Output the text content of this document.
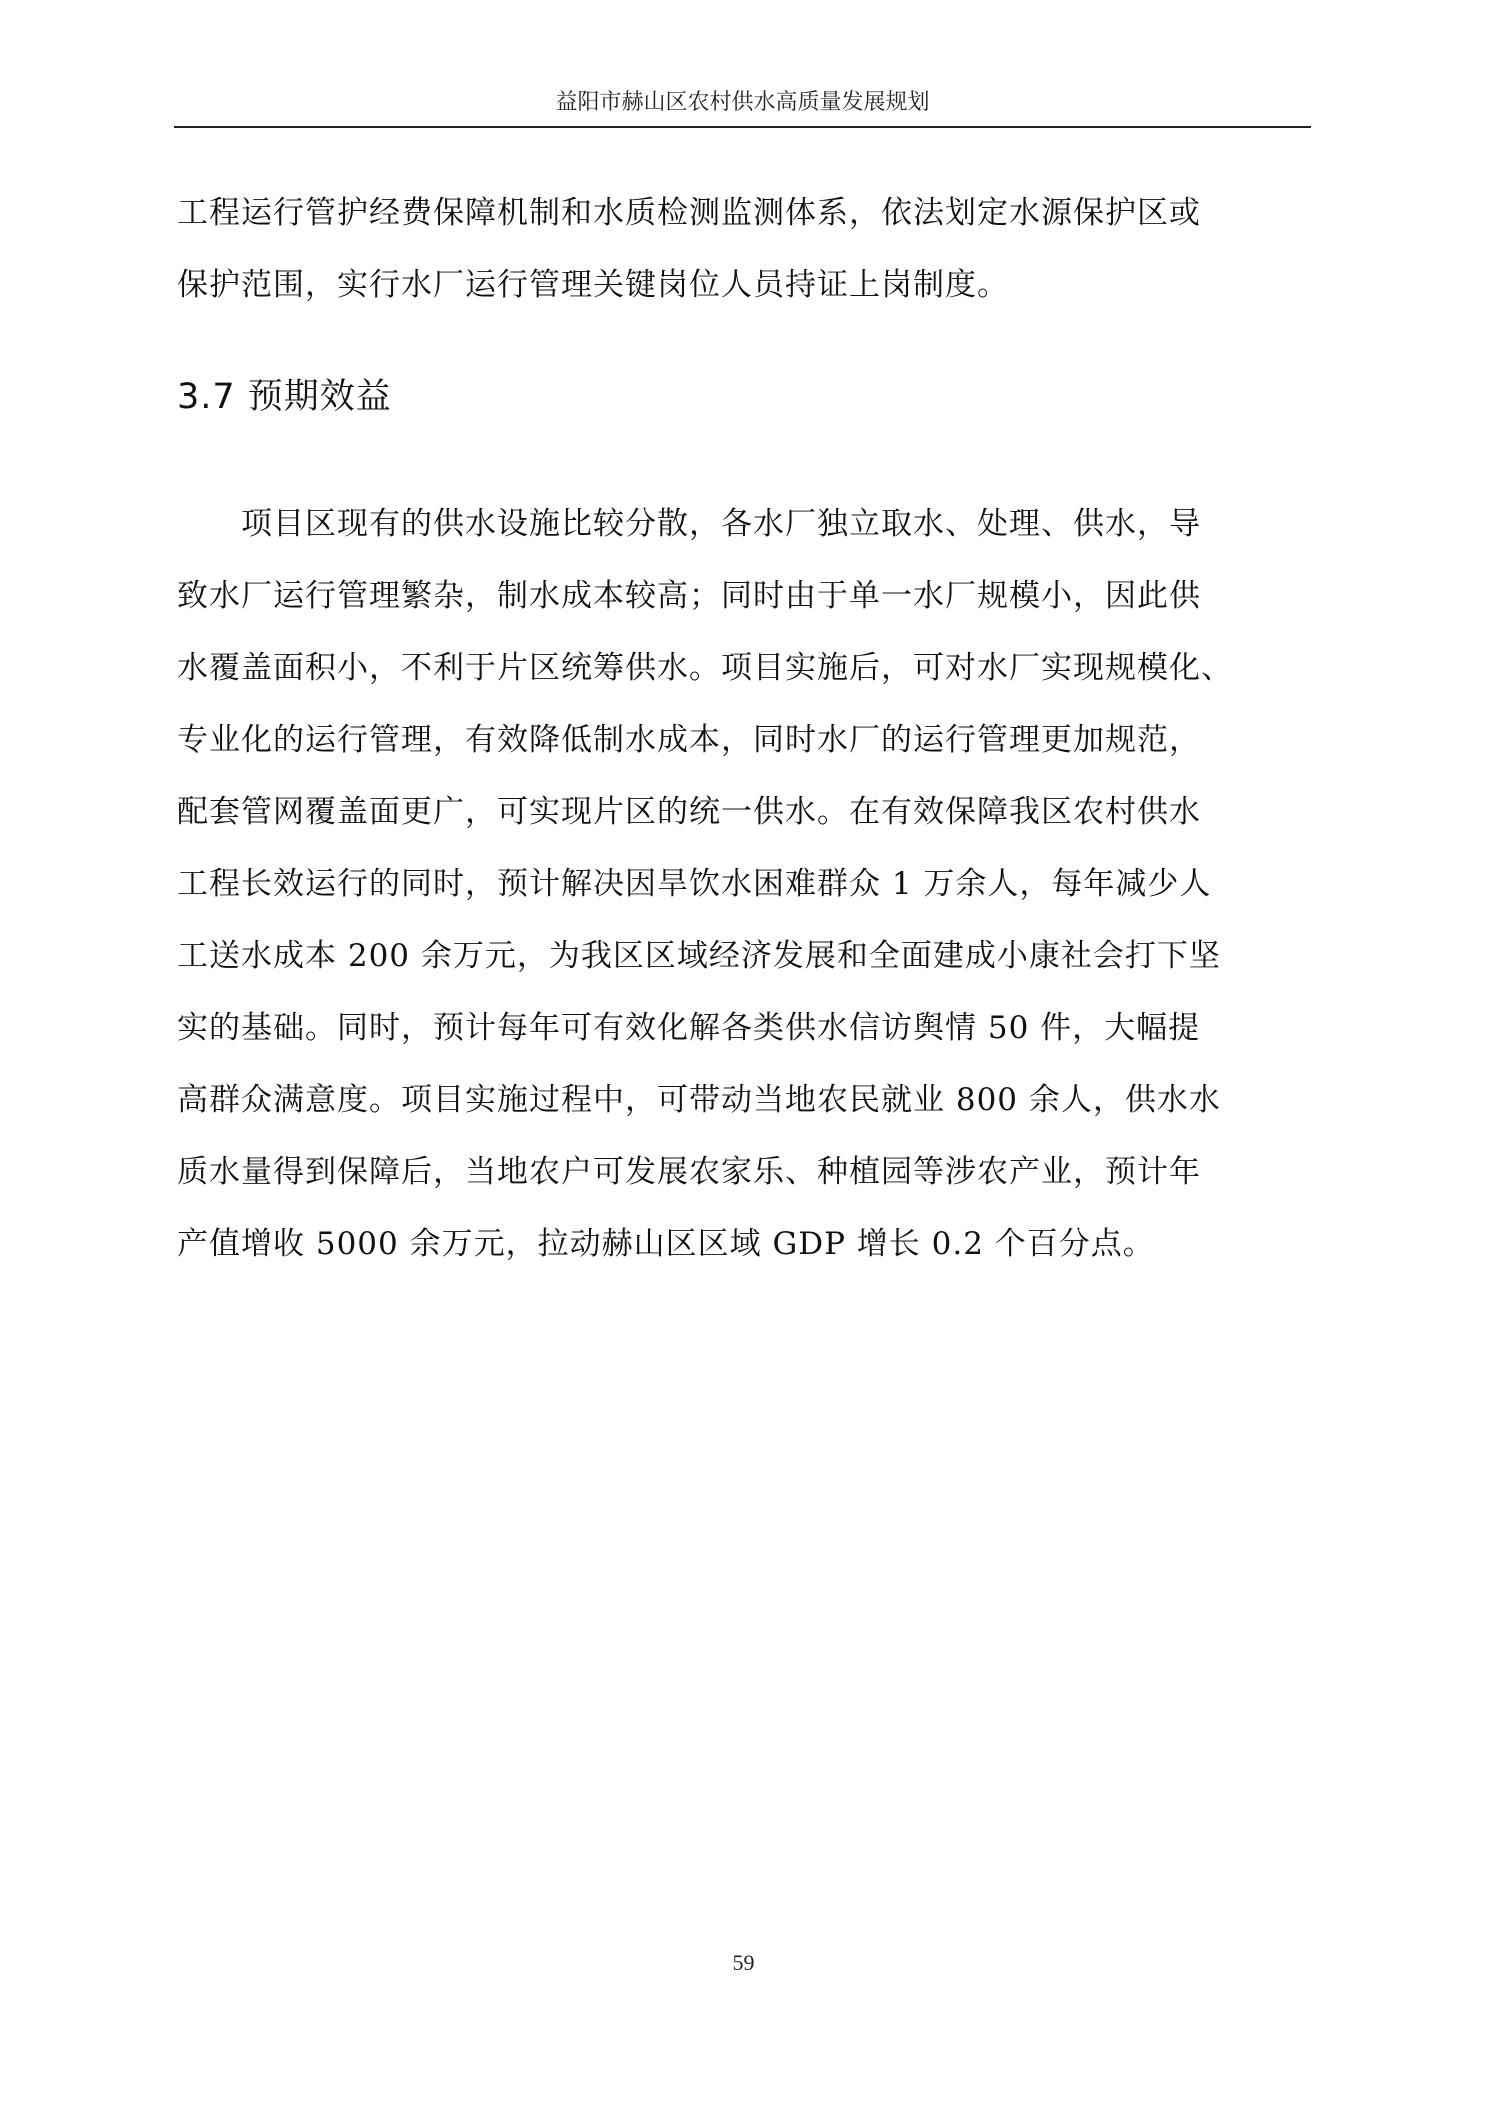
益阳市赫山区农村供水高质量发展规划

工程运行管护经费保障机制和水质检测监测体系，依法划定水源保护区或
保护范围，实行水厂运行管理关键岗位人员持证上岗制度。

3.7 预期效益

　　项目区现有的供水设施比较分散，各水厂独立取水、处理、供水，导
致水厂运行管理繁杂，制水成本较高；同时由于单一水厂规模小，因此供
水覆盖面积小，不利于片区统筹供水。项目实施后，可对水厂实现规模化、
专业化的运行管理，有效降低制水成本，同时水厂的运行管理更加规范，
配套管网覆盖面更广，可实现片区的统一供水。在有效保障我区农村供水
工程长效运行的同时，预计解决因旱饮水困难群众 1 万余人，每年减少人
工送水成本 200 余万元，为我区区域经济发展和全面建成小康社会打下坚
实的基础。同时，预计每年可有效化解各类供水信访舆情 50 件，大幅提
高群众满意度。项目实施过程中，可带动当地农民就业 800 余人，供水水
质水量得到保障后，当地农户可发展农家乐、种植园等涉农产业，预计年
产值增收 5000 余万元，拉动赫山区区域 GDP 增长 0.2 个百分点。

59
